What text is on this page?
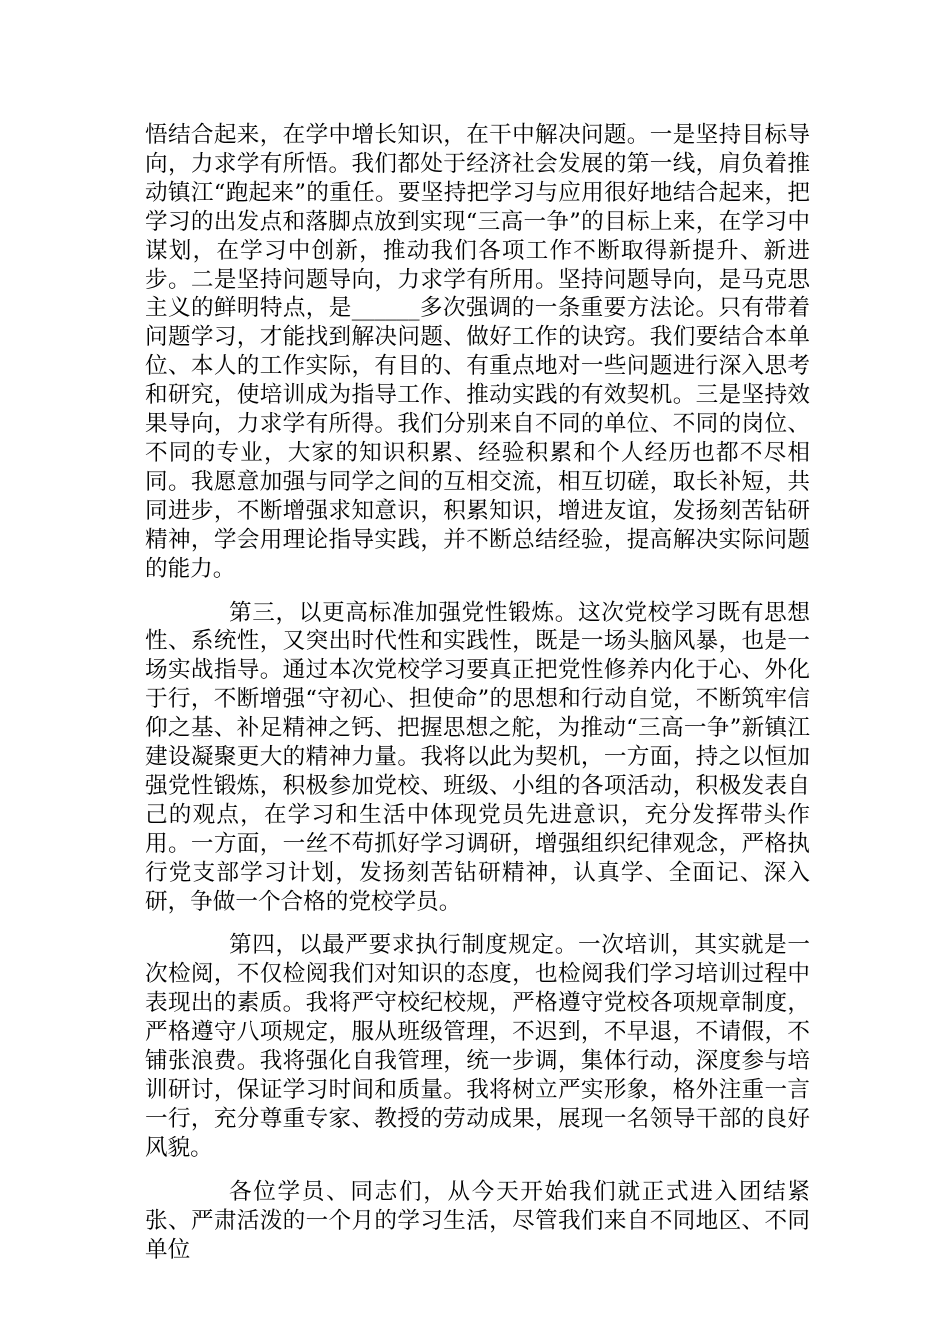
悟结合起来，在学中增长知识，在干中解决问题。一是坚持目标导向，力求学有所悟。我们都处于经济社会发展的第一线，肩负着推动镇江“跑起来”的重任。要坚持把学习与应用很好地结合起来，把学习的出发点和落脚点放到实现“三高一争”的目标上来，在学习中谋划，在学习中创新，推动我们各项工作不断取得新提升、新进步。二是坚持问题导向，力求学有所用。坚持问题导向，是马克思主义的鲜明特点，是______多次强调的一条重要方法论。只有带着问题学习，才能找到解决问题、做好工作的诀窍。我们要结合本单位、本人的工作实际，有目的、有重点地对一些问题进行深入思考和研究，使培训成为指导工作、推动实践的有效契机。三是坚持效果导向，力求学有所得。我们分别来自不同的单位、不同的岗位、不同的专业，大家的知识积累、经验积累和个人经历也都不尽相同。我愿意加强与同学之间的互相交流，相互切磋，取长补短，共同进步，不断增强求知意识，积累知识，增进友谊，发扬刻苦钻研精神，学会用理论指导实践，并不断总结经验，提高解决实际问题的能力。

第三，以更高标准加强党性锻炼。这次党校学习既有思想性、系统性，又突出时代性和实践性，既是一场头脑风暴，也是一场实战指导。通过本次党校学习要真正把党性修养内化于心、外化于行，不断增强“守初心、担使命”的思想和行动自觉，不断筑牢信仰之基、补足精神之钙、把握思想之舵，为推动“三高一争”新镇江建设凝聚更大的精神力量。我将以此为契机，一方面，持之以恒加强党性锻炼，积极参加党校、班级、小组的各项活动，积极发表自己的观点，在学习和生活中体现党员先进意识，充分发挥带头作用。一方面，一丝不苟抓好学习调研，增强组织纪律观念，严格执行党支部学习计划，发扬刻苦钻研精神，认真学、全面记、深入研，争做一个合格的党校学员。

第四，以最严要求执行制度规定。一次培训，其实就是一次检阅，不仅检阅我们对知识的态度，也检阅我们学习培训过程中表现出的素质。我将严守校纪校规，严格遵守党校各项规章制度，严格遵守八项规定，服从班级管理，不迟到，不早退，不请假，不铺张浪费。我将强化自我管理，统一步调，集体行动，深度参与培训研讨，保证学习时间和质量。我将树立严实形象，格外注重一言一行，充分尊重专家、教授的劳动成果，展现一名领导干部的良好风貌。

各位学员、同志们，从今天开始我们就正式进入团结紧张、严肃活泼的一个月的学习生活，尽管我们来自不同地区、不同单位
